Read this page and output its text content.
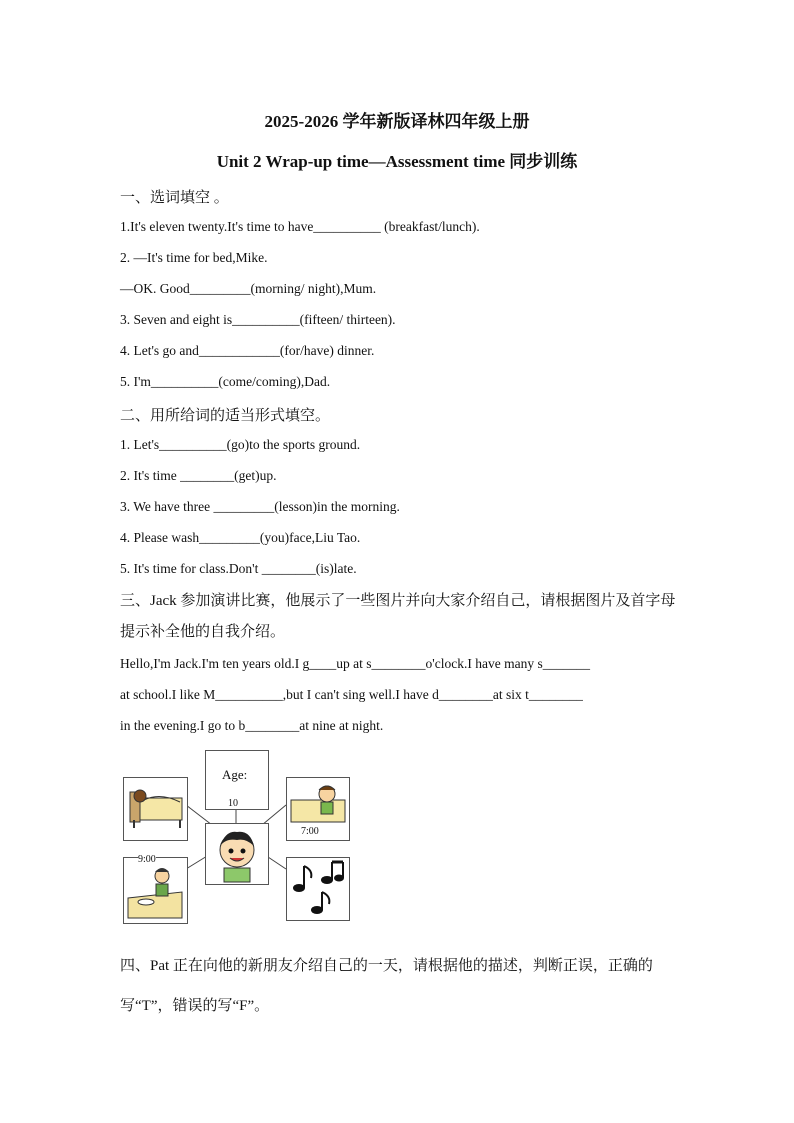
2025-2026 学年新版译林四年级上册
Unit 2 Wrap-up time—Assessment time 同步训练
一、选词填空 。
1.It's eleven twenty.It's time to have__________ (breakfast/lunch).
2. —It's time for bed,Mike.
—OK. Good_________(morning/ night),Mum.
3. Seven and eight is__________(fifteen/ thirteen).
4. Let's go and____________(for/have) dinner.
5. I'm__________(come/coming),Dad.
二、用所给词的适当形式填空。
1. Let's__________(go)to the sports ground.
2. It's time ________(get)up.
3. We have three _________(lesson)in the morning.
4. Please wash_________(you)face,Liu Tao.
5. It's time for class.Don't ________(is)late.
三、Jack 参加演讲比赛，他展示了一些图片并向大家介绍自己，请根据图片及首字母提示补全他的自我介绍。
Hello,I'm Jack.I'm ten years old.I g____up at s________o'clock.I have many s_______
at school.I like M__________,but I can't sing well.I have d________at six t________
in the evening.I go to b________at nine at night.
Age:
10
7:00
9:00
四、Pat 正在向他的新朋友介绍自己的一天，请根据他的描述，判断正误，正确的写“T”，错误的写“F”。
